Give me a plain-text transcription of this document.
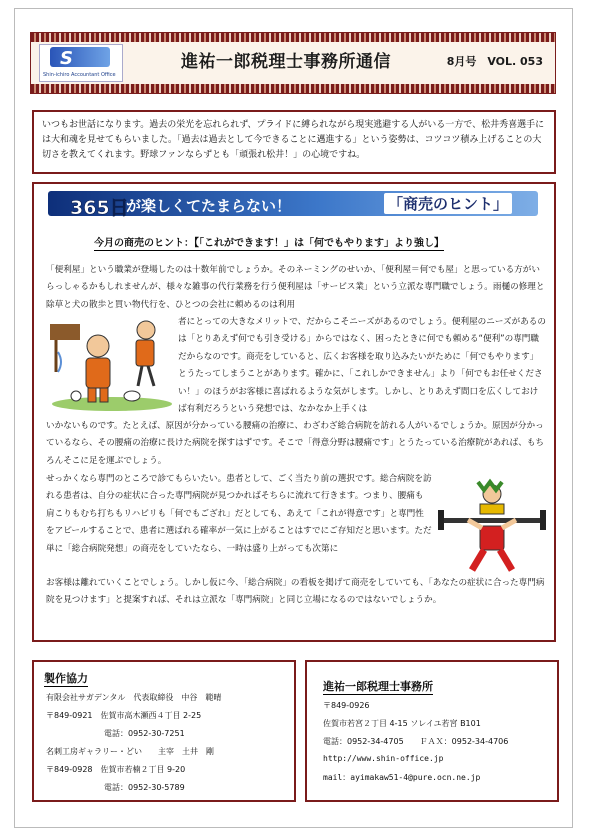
S
Shin-ichiro Accountant Office
進祐一郎税理士事務所通信	8月号　VOL. 053

いつもお世話になります。過去の栄光を忘れられず、プライドに縛られながら現実逃避する人がいる一方で、松井秀喜選手には大和魂を見せてもらいました。「過去は過去として今できることに邁進する」という姿勢は、コツコツ積み上げることの大切さを教えてくれます。野球ファンならずとも「頑張れ松井！」の心境ですね。

365日
が楽しくてたまらない！	「商売のヒント」
今月の商売のヒント：【「これができます！」は「何でもやります」より強し】

「便利屋」という職業が登場したのは十数年前でしょうか。そのネーミングのせいか、「便利屋＝何でも屋」と思っている方がいらっしゃるかもしれませんが、様々な雑事の代行業務を行う便利屋は「サービス業」という立派な専門職でしょう。雨樋の修理と除草と犬の散歩と買い物代行を、ひとつの会社に頼めるのは利用

者にとっての大きなメリットで、だからこそニーズがあるのでしょう。便利屋のニーズがあるのは「とりあえず何でも引き受ける」からではなく、困ったときに何でも頼める“便利”の専門職だからなのです。商売をしていると、広くお客様を取り込みたいがために「何でもやります」とうたってしまうことがあります。確かに、「これしかできません」より「何でもお任せください！」のほうがお客様に喜ばれるような気がします。しかし、とりあえず間口を広くしておけば有利だろうという発想では、なかなか上手くは

いかないものです。たとえば、原因が分かっている腰痛の治療に、わざわざ総合病院を訪れる人がいるでしょうか。原因が分かっているなら、その腰痛の治療に長けた病院を探すはずです。そこで「得意分野は腰痛です」とうたっている治療院があれば、もちろんそこに足を運ぶでしょう。

せっかくなら専門のところで診てもらいたい。患者として、ごく当たり前の選択です。総合病院を訪れる患者は、自分の症状に合った専門病院が見つかればそちらに流れて行きます。つまり、腰痛も肩こりもむち打ちもリハビリも「何でもござれ」だとしても、あえて「これが得意です」と専門性をアピールすることで、患者に選ばれる確率が一気に上がることはすでにご存知だと思います。ただ単に「総合病院発想」の商売をしていたなら、一時は盛り上がっても次第に

お客様は離れていくことでしょう。しかし仮に今、「総合病院」の看板を掲げて商売をしていても、「あなたの症状に合った専門病院を見つけます」と提案すれば、それは立派な「専門病院」と同じ立場になるのではないでしょうか。

製作協力
有限会社サガデンタル　代表取締役　中谷　範晴
〒849-0921　佐賀市高木瀬西４丁目 2-25
電話：0952-30-7251
名刺工房ギャラリー・どい　　主宰　土井　剛
〒849-0928　佐賀市若楠２丁目 9-20
電話：0952-30-5789
進祐一郎税理士事務所
〒849-0926
佐賀市若宮２丁目 4-15 ソレイユ若宮 B101
電話：0952-34-4705　　ＦＡＸ：0952-34-4706
http://www.shin-office.jp
mail：ayimakaw51-4@pure.ocn.ne.jp
